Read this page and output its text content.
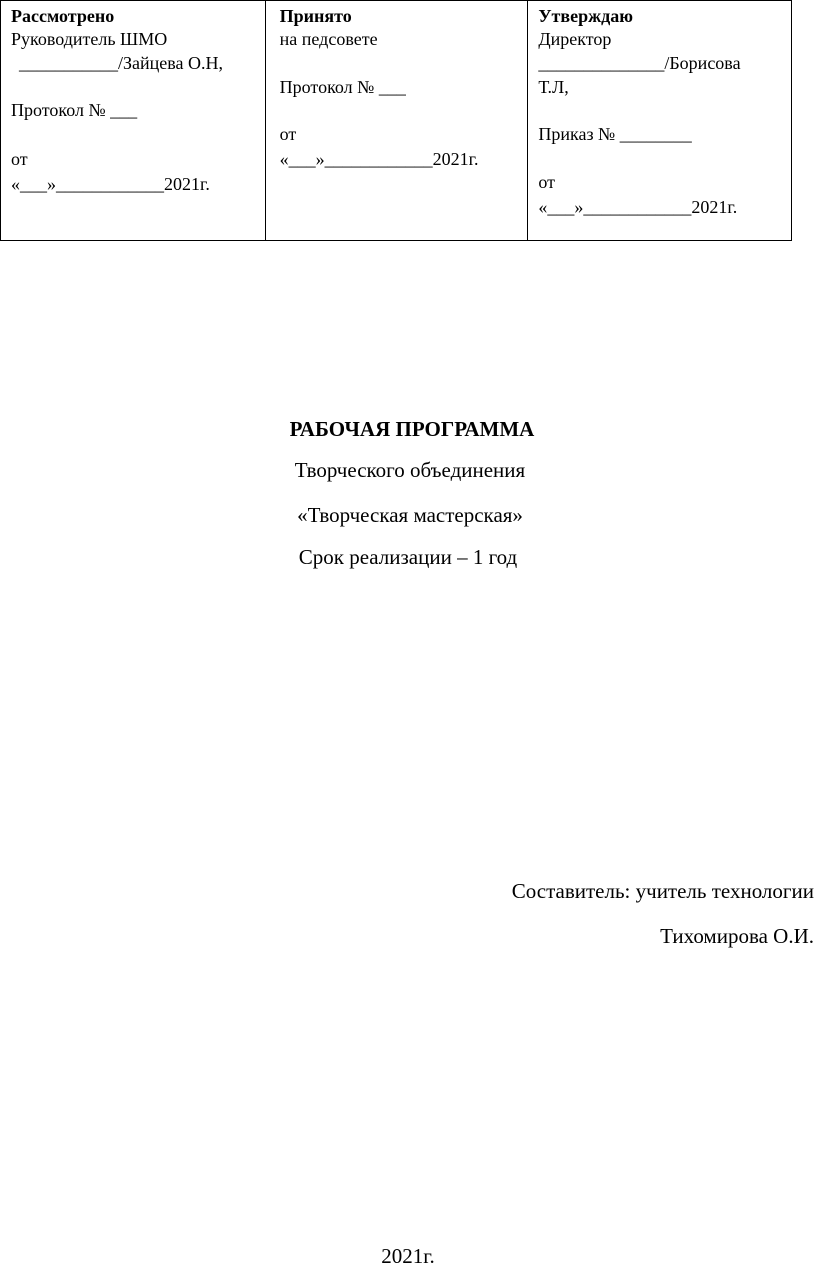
Рассмотрено
Руководитель ШМО
___________/Зайцева О.Н,
Протокол № ___
от
«___»____________2021г.
Принято
на педсовете
Протокол № ___
от
«___»____________2021г.
Утверждаю
Директор
______________/Борисова
Т.Л,
Приказ № ________
от
«___»____________2021г.
РАБОЧАЯ ПРОГРАММА
Творческого объединения
«Творческая мастерская»
Срок реализации – 1 год
Составитель: учитель технологии
Тихомирова О.И.
2021г.
